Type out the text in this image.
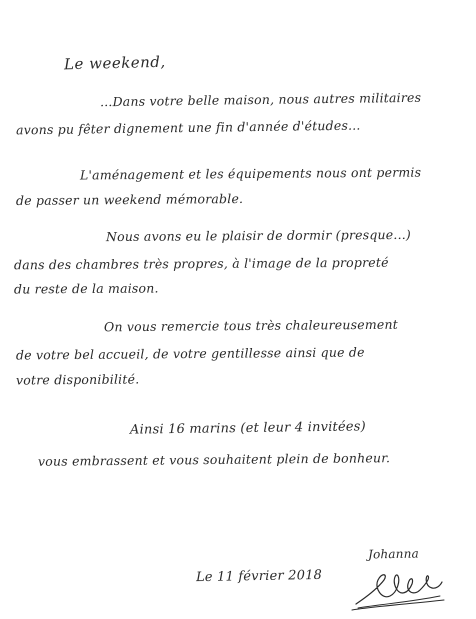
Le weekend,
...Dans votre belle maison, nous autres militaires
avons pu fêter dignement une fin d'année d'études...
L'aménagement et les équipements nous ont permis
de passer un weekend mémorable.
Nous avons eu le plaisir de dormir (presque...)
dans des chambres très propres, à l'image de la propreté
du reste de la maison.
On vous remercie tous très chaleureusement
de votre bel accueil, de votre gentillesse ainsi que de
votre disponibilité.
Ainsi 16 marins (et leur 4 invitées)
vous embrassent et vous souhaitent plein de bonheur.
Le 11 février 2018
Johanna
